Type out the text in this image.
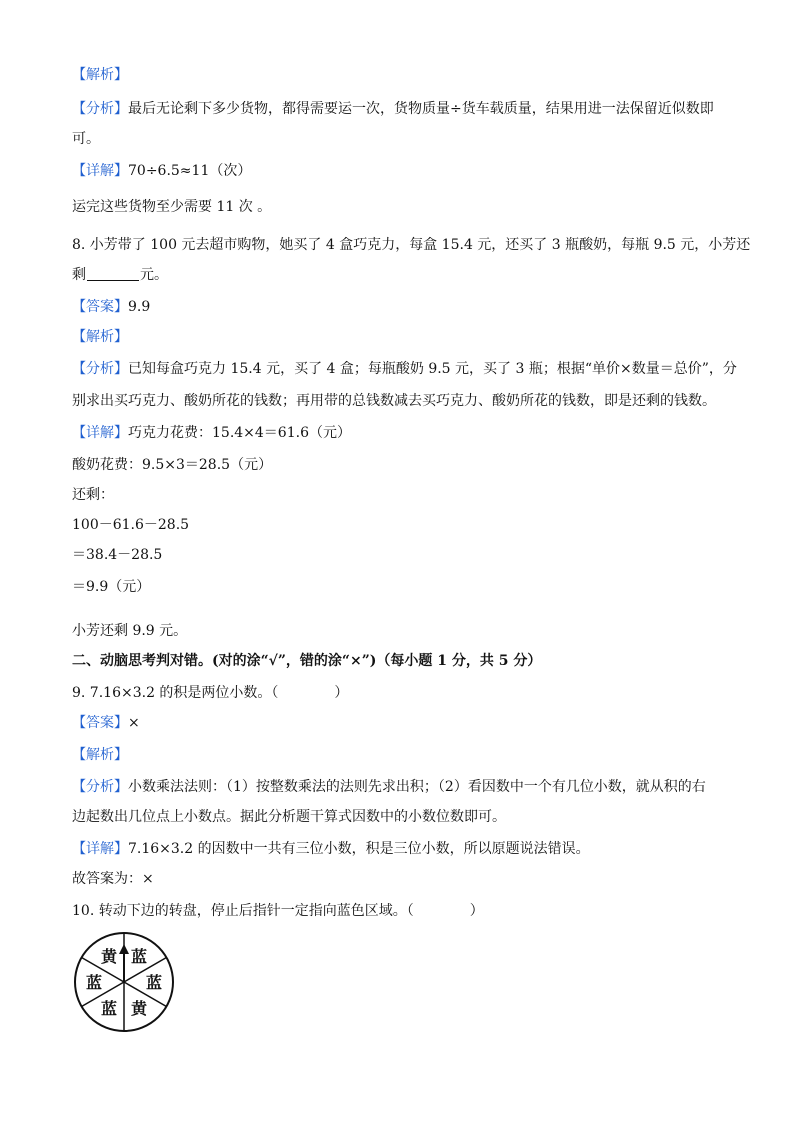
【解析】
【分析】最后无论剩下多少货物，都得需要运一次，货物质量÷货车载质量，结果用进一法保留近似数即
可。
【详解】70÷6.5≈11（次）
运完这些货物至少需要 11 次 。
8. 小芳带了 100 元去超市购物，她买了 4 盒巧克力，每盒 15.4 元，还买了 3 瓶酸奶，每瓶 9.5 元，小芳还
剩	元。
【答案】9.9
【解析】
【分析】已知每盒巧克力 15.4 元，买了 4 盒；每瓶酸奶 9.5 元，买了 3 瓶；根据“单价×数量＝总价”，分
别求出买巧克力、酸奶所花的钱数；再用带的总钱数减去买巧克力、酸奶所花的钱数，即是还剩的钱数。
【详解】巧克力花费：15.4×4＝61.6（元）
酸奶花费：9.5×3＝28.5（元）
还剩：
100－61.6－28.5
＝38.4－28.5
＝9.9（元）
小芳还剩 9.9 元。
二、动脑思考判对错。(对的涂“√”，错的涂“×”)（每小题 1 分，共 5 分）
9. 7.16×3.2 的积是两位小数。（　　　　）
【答案】×
【解析】
【分析】小数乘法法则：（1）按整数乘法的法则先求出积；（2）看因数中一个有几位小数，就从积的右
边起数出几位点上小数点。据此分析题干算式因数中的小数位数即可。
【详解】7.16×3.2 的因数中一共有三位小数，积是三位小数，所以原题说法错误。
故答案为：×
10. 转动下边的转盘，停止后指针一定指向蓝色区域。（　　　　）
蓝
蓝
黄
蓝
蓝
黄
